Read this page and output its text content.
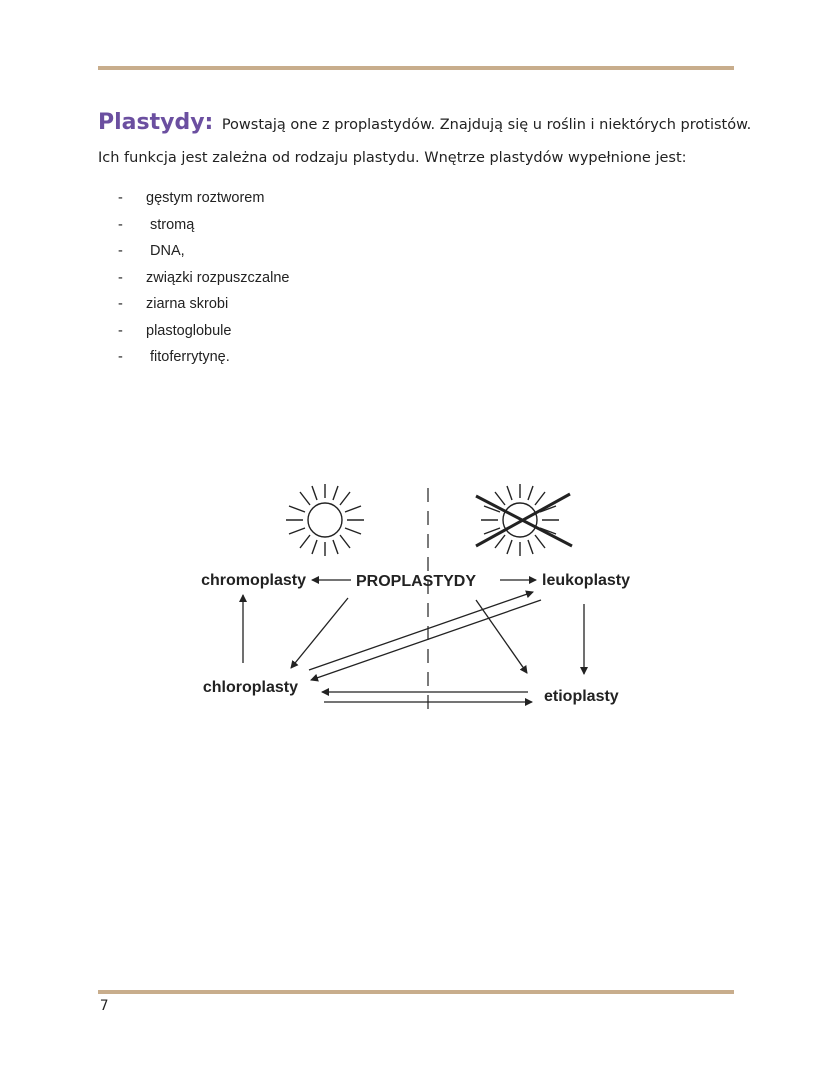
Plastydy: Powstają one z proplastydów. Znajdują się u roślin i niektórych protistów.
Ich funkcja jest zależna od rodzaju plastydu. Wnętrze plastydów wypełnione jest:
- gęstym roztworem
- stromą
- DNA,
- związki rozpuszczalne
- ziarna skrobi
- plastoglobule
- fitoferrytynę.
chromoplasty	PROPLASTYDY	leukoplasty
chloroplasty
etioplasty
7
